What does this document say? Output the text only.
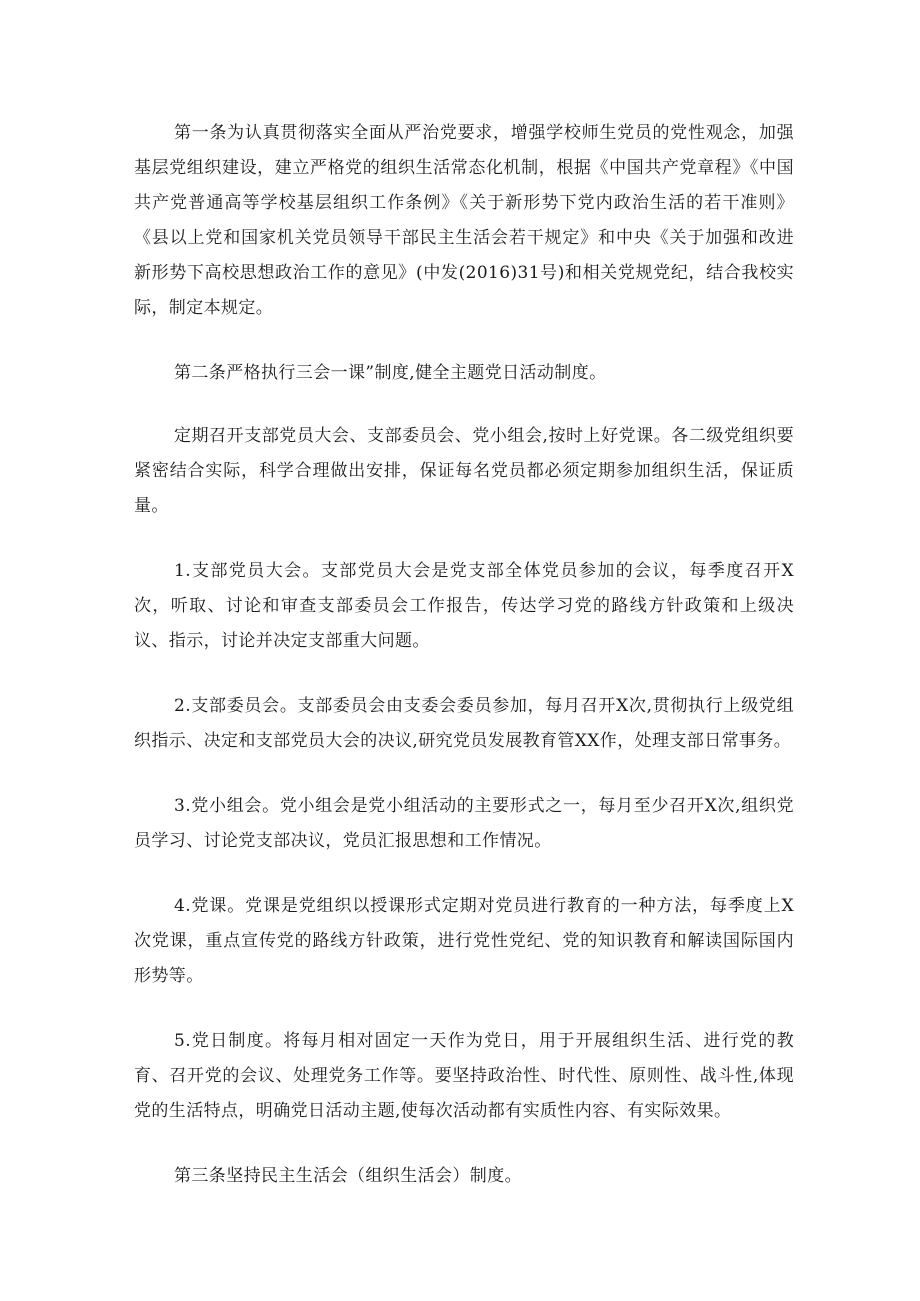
第一条为认真贯彻落实全面从严治党要求，增强学校师生党员的党性观念，加强基层党组织建设，建立严格党的组织生活常态化机制，根据《中国共产党章程》《中国共产党普通高等学校基层组织工作条例》《关于新形势下党内政治生活的若干准则》《县以上党和国家机关党员领导干部民主生活会若干规定》和中央《关于加强和改进新形势下高校思想政治工作的意见》(中发(2016)31号)和相关党规党纪，结合我校实际，制定本规定。

第二条严格执行三会一课”制度,健全主题党日活动制度。

定期召开支部党员大会、支部委员会、党小组会,按时上好党课。各二级党组织要紧密结合实际，科学合理做出安排，保证每名党员都必须定期参加组织生活，保证质量。

1.支部党员大会。支部党员大会是党支部全体党员参加的会议，每季度召开X次，听取、讨论和审查支部委员会工作报告，传达学习党的路线方针政策和上级决议、指示，讨论并决定支部重大问题。

2.支部委员会。支部委员会由支委会委员参加，每月召开X次,贯彻执行上级党组织指示、决定和支部党员大会的决议,研究党员发展教育管XX作，处理支部日常事务。

3.党小组会。党小组会是党小组活动的主要形式之一，每月至少召开X次,组织党员学习、讨论党支部决议，党员汇报思想和工作情况。

4.党课。党课是党组织以授课形式定期对党员进行教育的一种方法，每季度上X次党课，重点宣传党的路线方针政策，进行党性党纪、党的知识教育和解读国际国内形势等。

5.党日制度。将每月相对固定一天作为党日，用于开展组织生活、进行党的教育、召开党的会议、处理党务工作等。要坚持政治性、时代性、原则性、战斗性,体现党的生活特点，明确党日活动主题,使每次活动都有实质性内容、有实际效果。

第三条坚持民主生活会（组织生活会）制度。
